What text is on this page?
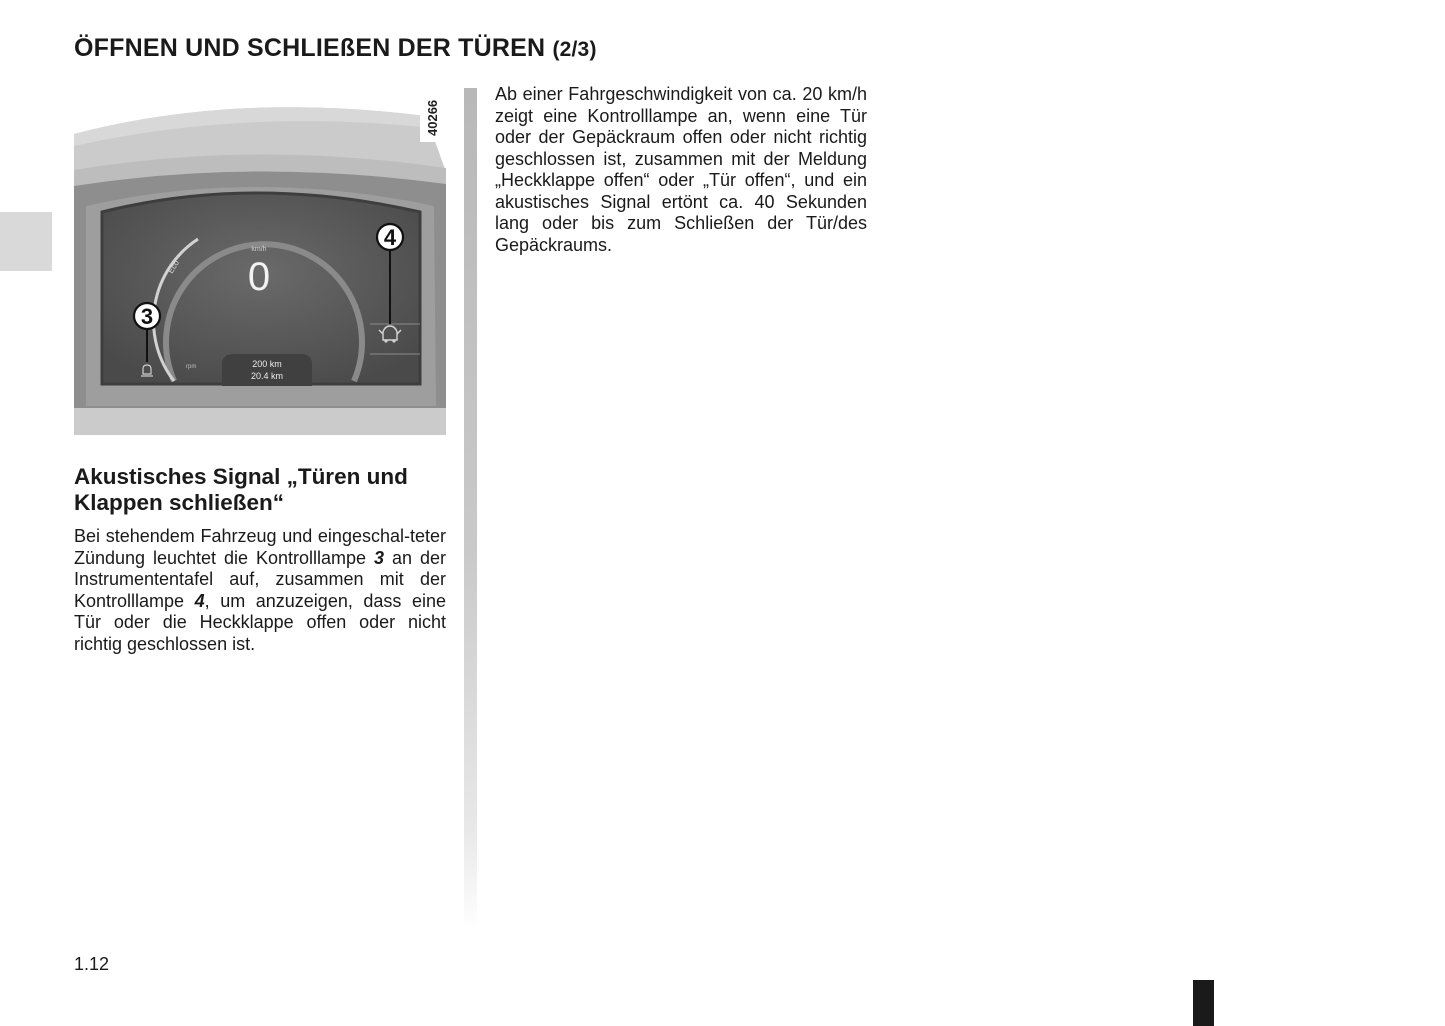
ÖFFNEN UND SCHLIEßEN DER TÜREN (2/3)
Eco
km/h
0
rpm	200 km
20.4 km
3
4
40266
Akustisches Signal „Türen und Klappen schließen“

Bei stehendem Fahrzeug und eingeschal-teter Zündung leuchtet die Kontrolllampe 3 an der Instrumententafel auf, zusammen mit der Kontrolllampe 4, um anzuzeigen, dass eine Tür oder die Heckklappe offen oder nicht richtig geschlossen ist.

Ab einer Fahrgeschwindigkeit von ca. 20 km/h zeigt eine Kontrolllampe an, wenn eine Tür oder der Gepäckraum offen oder nicht richtig geschlossen ist, zusammen mit der Meldung „Heckklappe offen“ oder „Tür offen“, und ein akustisches Signal ertönt ca. 40 Sekunden lang oder bis zum Schließen der Tür/des Gepäckraums.

1.12
